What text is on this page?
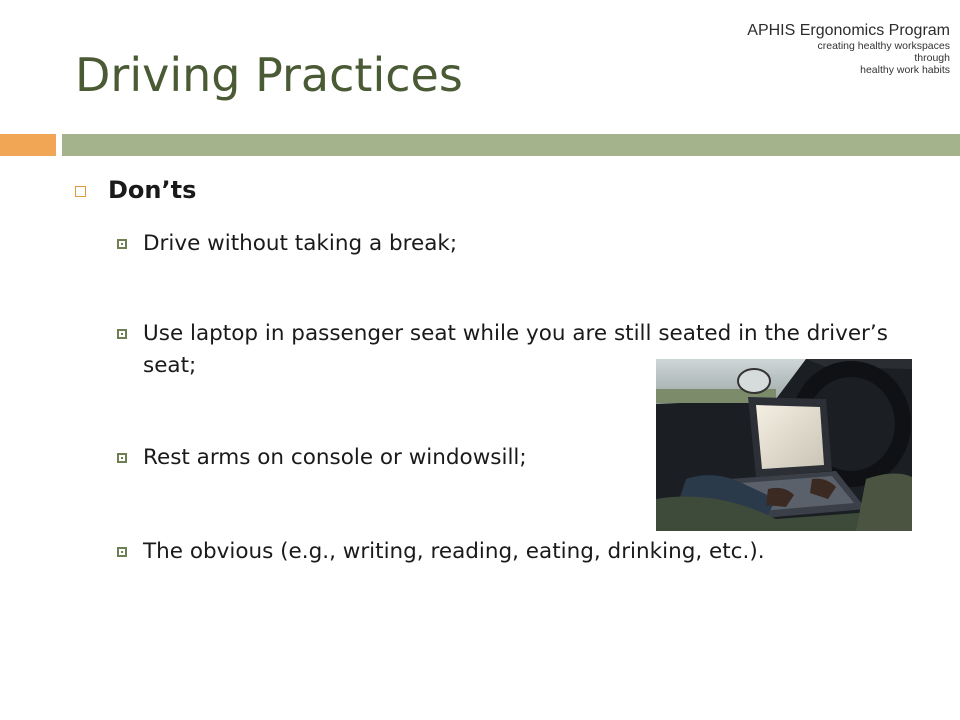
Driving Practices
APHIS Ergonomics Program
creating healthy workspaces
through
healthy work habits
Don’ts
Drive without taking a break;
Use laptop in passenger seat while you are still seated in the driver’s seat;
Rest arms on console or windowsill;
The obvious (e.g., writing, reading, eating, drinking, etc.).
